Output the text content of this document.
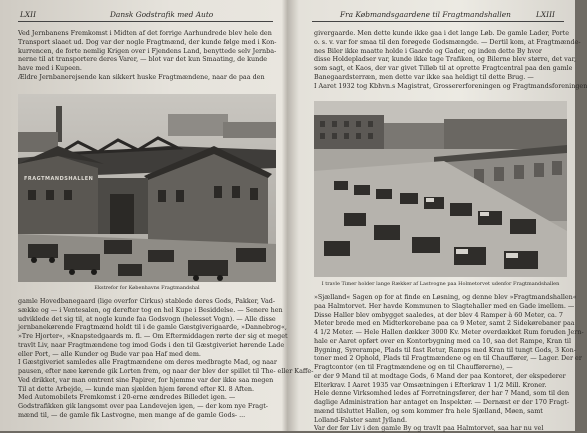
LXII	Dansk Godstrafik med Auto

Ved Jernbanens Fremkomst i Midten af det forrige Aarhundrede blev hele den

Transport slaaet ud. Dog var der nogle Fragtmænd, der kunde følge med i Kon-

kurrencen, de forte nemlig Krigen over i Fjendens Land, benyttede selv Jernba-

nerne til at transportere deres Varer, — blot var det kun Smaating, de kunde

have med i Kupeen.

Ældre Jernbanerejsende kan sikkert huske Fragtmændene, naar de paa den

FRAGTMANDSHALLEN
Ekstrefor for Københavns Fragtmandshal

gamle Hovedbanegaard (lige overfor Cirkus) stablede deres Gods, Pakker, Vad-

sække og — i Ventesalen, og derefter tog en hel Kupe i Besiddelse. — Senere hen

udviklede det sig til, at nogle kunde faa Godsvogn (helesset Vogn). — Alle disse

jernbanekørende Fragtmænd holdt til i de gamle Gæstgiverigaarde, »Dannebrog«,

»Tre Hjorter«, »Knapstedgaards m. fl. — Om Eftermiddagen rørte der sig et meget

travlt Liv, naar Fragtmændene tog imod Gods i den til Gæstgiveriet hørende Lade

eller Port, — alle Kunder og Bude var paa Haf med dem.

I Gæstgiveriet samledes alle Fragtmændene om deres medbragte Mad, og naar

pausen, efter næe kørende gik Lorten frem, og naar der blev der spillet til The- eller Kaffe-

Ved drikket, var man omtrent sine Papirer, for hjemme var der ikke saa megen

Til at dette Arbejde, — kunde man sjælden hjem førend efter Kl. 8 Aften.

Med Automobilets Fremkomst i 20-erne ændredes Billedet igen. —

Godstrafikken gik langsomt over paa Landevejen igen, — der kom nye Fragt-

mænd til, — de gamle fik Lastvogne, men mange af de gamle Gods- ...

Fra Købmandsgaardene til Fragtmandshallen	LXIII

givergaarde. Men dette kunde ikke gaa i det lange Løb. De gamle Lader, Porte

o. s. v. var for smaa til den forøgede Godsmængde. — Dertil kom, at Fragtmænde-

nes Biler ikke maatte holde i Gaarde og Gader, og inden dette By hvor

disse Holdepladser var, kunde ikke tage Trafiken, og Bilerne blev større, det var,

som sagt, et Kaos, der var givet Tilløb til at oprette Fragtcentral paa den gamle

Banegaardsterræn, men dette var ikke saa heldigt til dette Brug. —

I Aaret 1932 tog Kbhvn.s Magistrat, Grossererforeningen og Fragtmandsforeningen

I travle Timer holder lange Rækker af Lastvogne paa Holmetorvet udenfor Fragtmandshallen

»Sjælland« Sagen op for at finde en Løsning, og denne blev »Fragtmandshallen«

paa Halmtorvet. Her havde Kommunen to Slagtehaller med en Gade imellem. —

Disse Haller blev ombygget saaledes, at der blev 4 Ramper à 60 Meter, ca. 7

Meter brede med en Midterkorebane paa ca 9 Meter, samt 2 Sidekørebaner paa

4 1/2 Meter. — Hele Hallen dækker 3000 Kv. Meter overdækket Rum foruden Jern-

hale er Aaret opført over en Kontorbygning med ca 10, saa det Rampe, Kran til

Bygning, Syrerampe, Plads til fast Retur, Ramps med Kran til tungt Gods, 3 Kon-

toner med 2 Ophold, Plads til Fragtmændene og en til Chauffører, — Lager. Der er

Fragtcontor (en til Fragtmændene og en til Chaufførerne), —

er der 9 Mand til at modtage Gods, 6 Mand der paa Kontoret, der ekspederer

Elterkrav. I Aaret 1935 var Omsætningen i Efterkrav 1 1/2 Mill. Kroner.

Hele denne Virksomhed ledes af Forretningsfører, der har 7 Mand, som til den

daglige Administration har antaget en Inspektør. — Dernæst er der 170 Fragt-

mænd tilsluttet Hallen, og som kommer fra hele Sjælland, Møen, samt

Lolland-Falster samt Jylland.

Var der før Liv i den gamle By og travlt paa Halmtorvet, saa har nu vel
